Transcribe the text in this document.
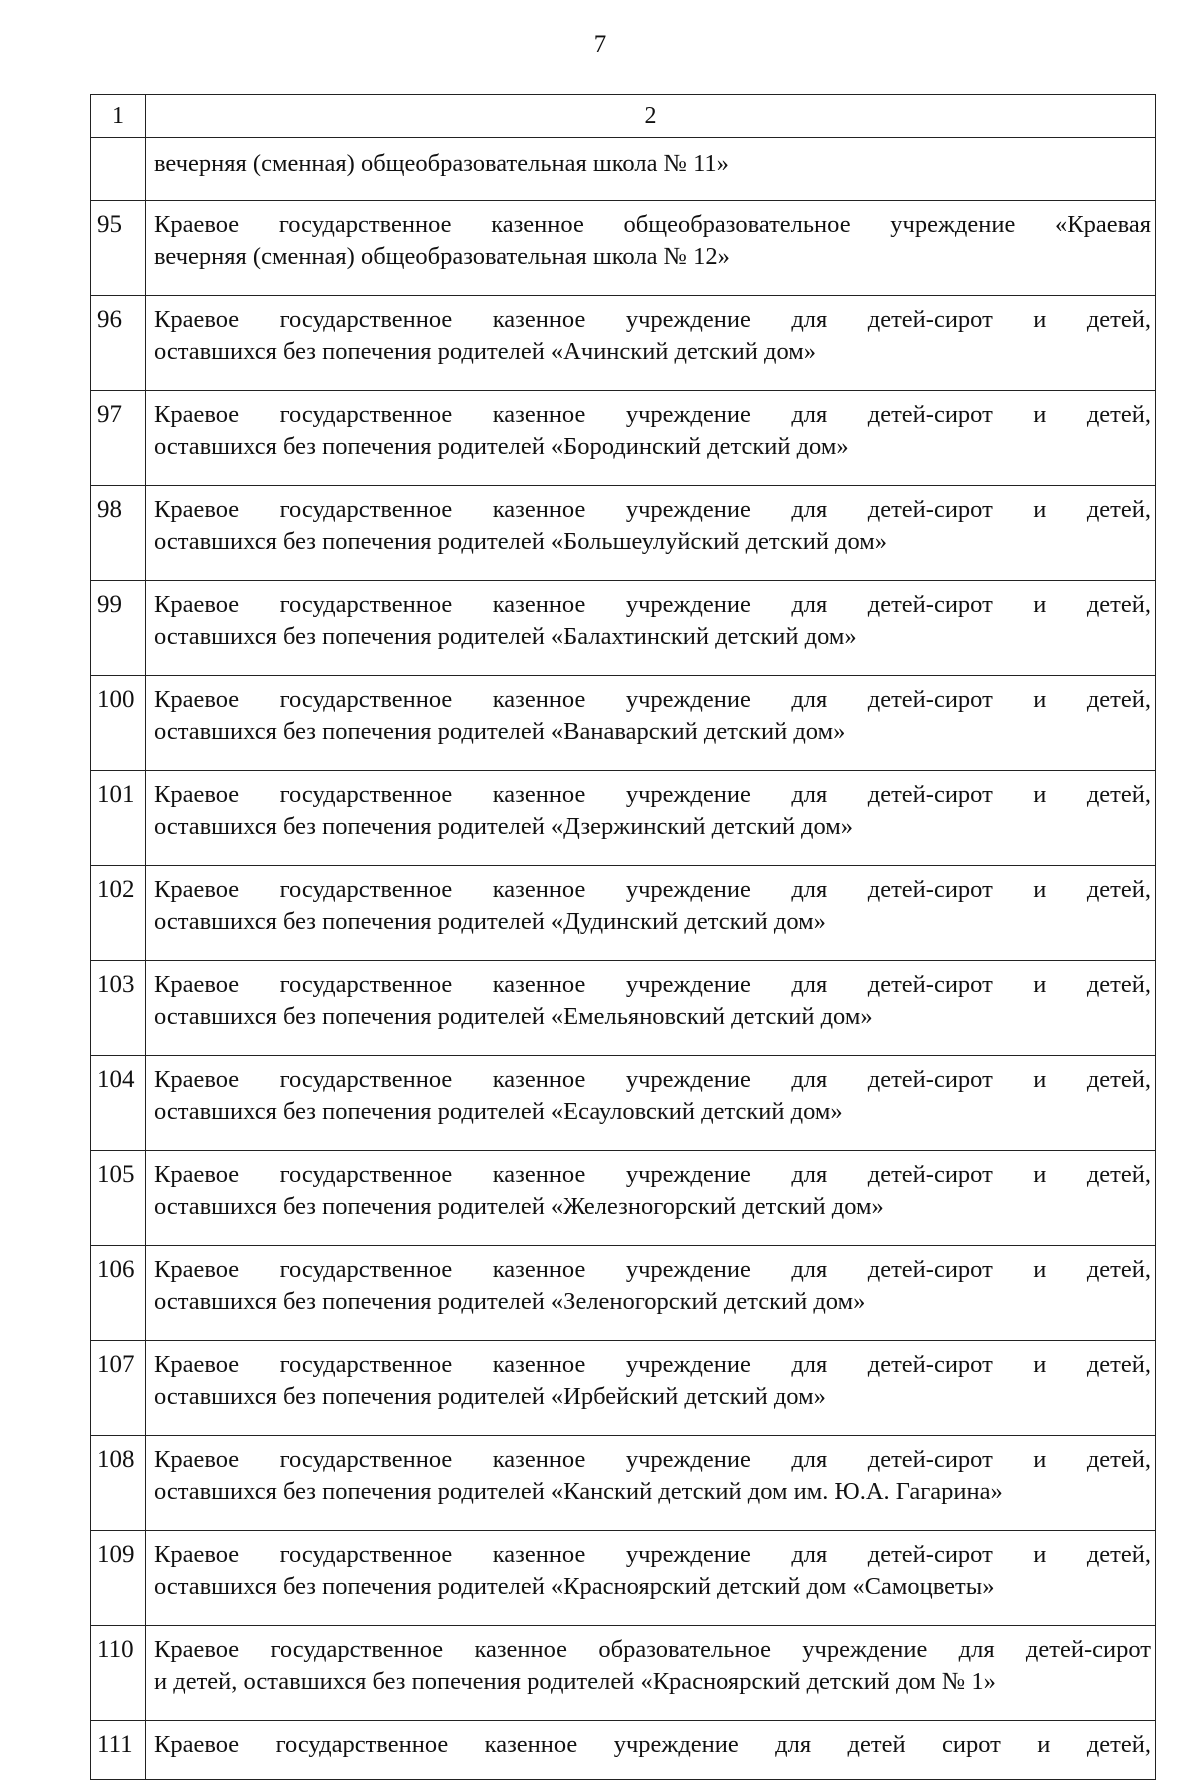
7
1	2

	вечерняя (сменная) общеобразовательная школа № 11»

95	Краевое государственное казенное общеобразовательное учреждение «Краевая
вечерняя (сменная) общеобразовательная школа № 12»

96	Краевое государственное казенное учреждение для детей-сирот и детей,
оставшихся без попечения родителей «Ачинский детский дом»

97	Краевое государственное казенное учреждение для детей-сирот и детей,
оставшихся без попечения родителей «Бородинский детский дом»

98	Краевое государственное казенное учреждение для детей-сирот и детей,
оставшихся без попечения родителей «Большеулуйский детский дом»

99	Краевое государственное казенное учреждение для детей-сирот и детей,
оставшихся без попечения родителей «Балахтинский детский дом»

100	Краевое государственное казенное учреждение для детей-сирот и детей,
оставшихся без попечения родителей «Ванаварский детский дом»

101	Краевое государственное казенное учреждение для детей-сирот и детей,
оставшихся без попечения родителей «Дзержинский детский дом»

102	Краевое государственное казенное учреждение для детей-сирот и детей,
оставшихся без попечения родителей «Дудинский детский дом»

103	Краевое государственное казенное учреждение для детей-сирот и детей,
оставшихся без попечения родителей «Емельяновский детский дом»

104	Краевое государственное казенное учреждение для детей-сирот и детей,
оставшихся без попечения родителей «Есауловский детский дом»

105	Краевое государственное казенное учреждение для детей-сирот и детей,
оставшихся без попечения родителей «Железногорский детский дом»

106	Краевое государственное казенное учреждение для детей-сирот и детей,
оставшихся без попечения родителей «Зеленогорский детский дом»

107	Краевое государственное казенное учреждение для детей-сирот и детей,
оставшихся без попечения родителей «Ирбейский детский дом»

108	Краевое государственное казенное учреждение для детей-сирот и детей,
оставшихся без попечения родителей «Канский детский дом им. Ю.А. Гагарина»

109	Краевое государственное казенное учреждение для детей-сирот и детей,
оставшихся без попечения родителей «Красноярский детский дом «Самоцветы»

110	Краевое государственное казенное образовательное учреждение для детей-сирот
и детей, оставшихся без попечения родителей «Красноярский детский дом № 1»

111	Краевое государственное казенное учреждение для детей сирот и детей,
